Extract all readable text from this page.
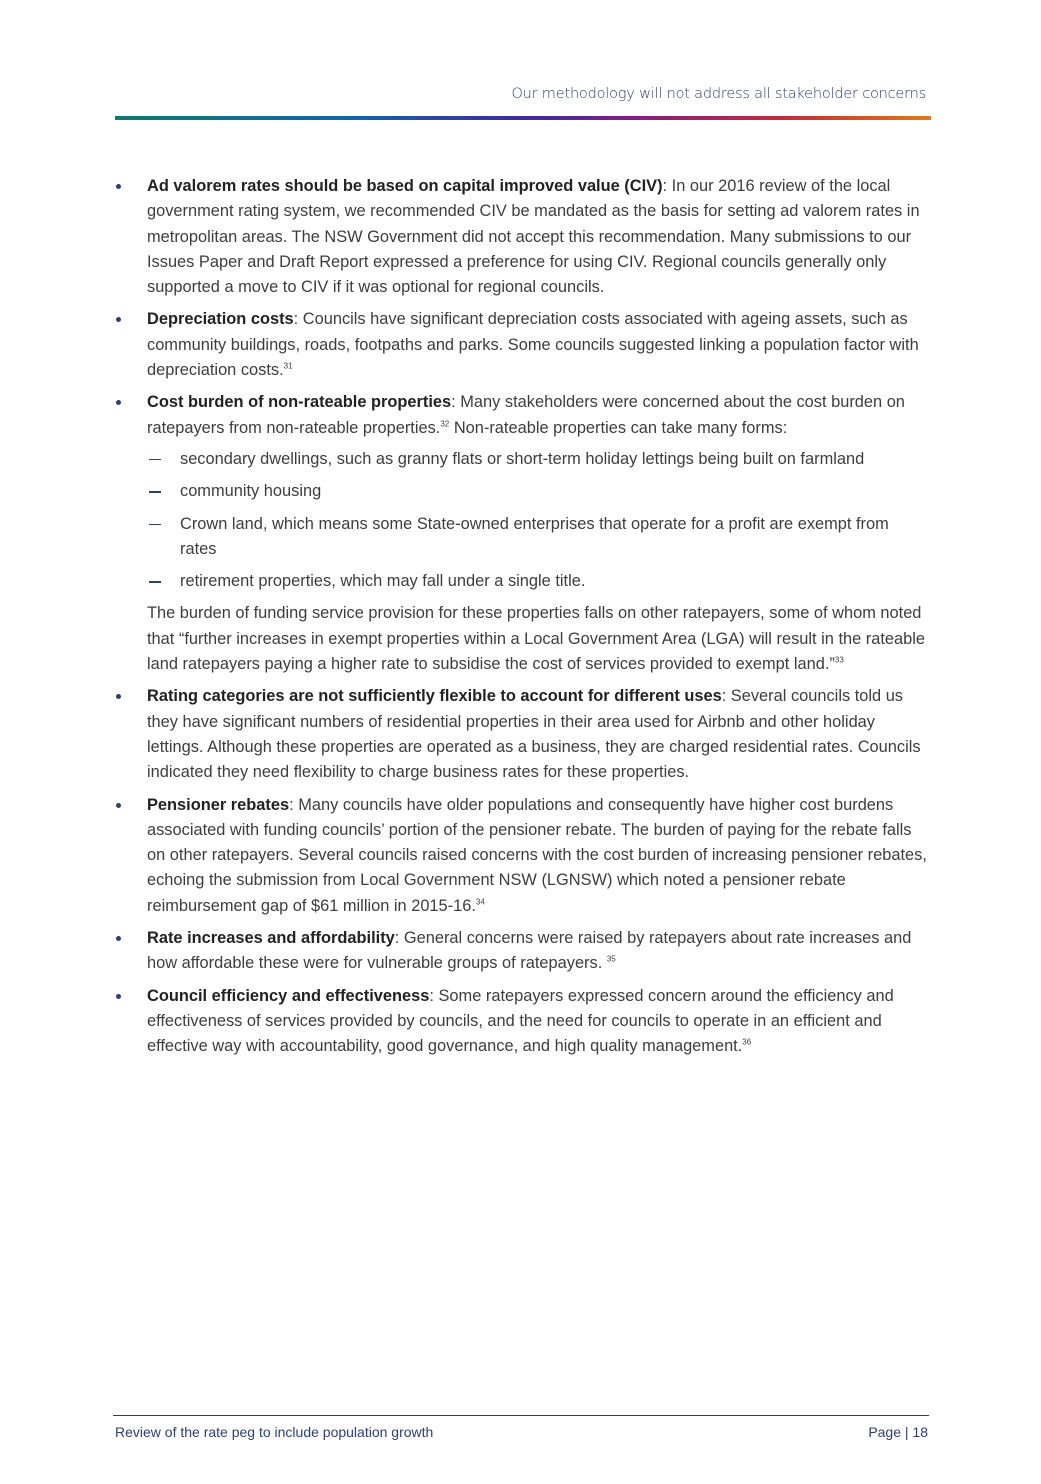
Our methodology will not address all stakeholder concerns

Ad valorem rates should be based on capital improved value (CIV): In our 2016 review of the local government rating system, we recommended CIV be mandated as the basis for setting ad valorem rates in metropolitan areas. The NSW Government did not accept this recommendation. Many submissions to our Issues Paper and Draft Report expressed a preference for using CIV. Regional councils generally only supported a move to CIV if it was optional for regional councils.

Depreciation costs: Councils have significant depreciation costs associated with ageing assets, such as community buildings, roads, footpaths and parks. Some councils suggested linking a population factor with depreciation costs.$^{31}$

Cost burden of non-rateable properties: Many stakeholders were concerned about the cost burden on ratepayers from non-rateable properties.$^{32}$ Non-rateable properties can take many forms:

secondary dwellings, such as granny flats or short-term holiday lettings being built on farmland

community housing

Crown land, which means some State-owned enterprises that operate for a profit are exempt from rates

retirement properties, which may fall under a single title.

The burden of funding service provision for these properties falls on other ratepayers, some of whom noted that “further increases in exempt properties within a Local Government Area (LGA) will result in the rateable land ratepayers paying a higher rate to subsidise the cost of services provided to exempt land.”$^{33}$

Rating categories are not sufficiently flexible to account for different uses: Several councils told us they have significant numbers of residential properties in their area used for Airbnb and other holiday lettings. Although these properties are operated as a business, they are charged residential rates. Councils indicated they need flexibility to charge business rates for these properties.

Pensioner rebates: Many councils have older populations and consequently have higher cost burdens associated with funding councils’ portion of the pensioner rebate. The burden of paying for the rebate falls on other ratepayers. Several councils raised concerns with the cost burden of increasing pensioner rebates, echoing the submission from Local Government NSW (LGNSW) which noted a pensioner rebate reimbursement gap of $61 million in 2015-16.34

Rate increases and affordability: General concerns were raised by ratepayers about rate increases and how affordable these were for vulnerable groups of ratepayers. $^{35}$

Council efficiency and effectiveness: Some ratepayers expressed concern around the efficiency and effectiveness of services provided by councils, and the need for councils to operate in an efficient and effective way with accountability, good governance, and high quality management.$^{36}$

Review of the rate peg to include population growth	Page | 18
